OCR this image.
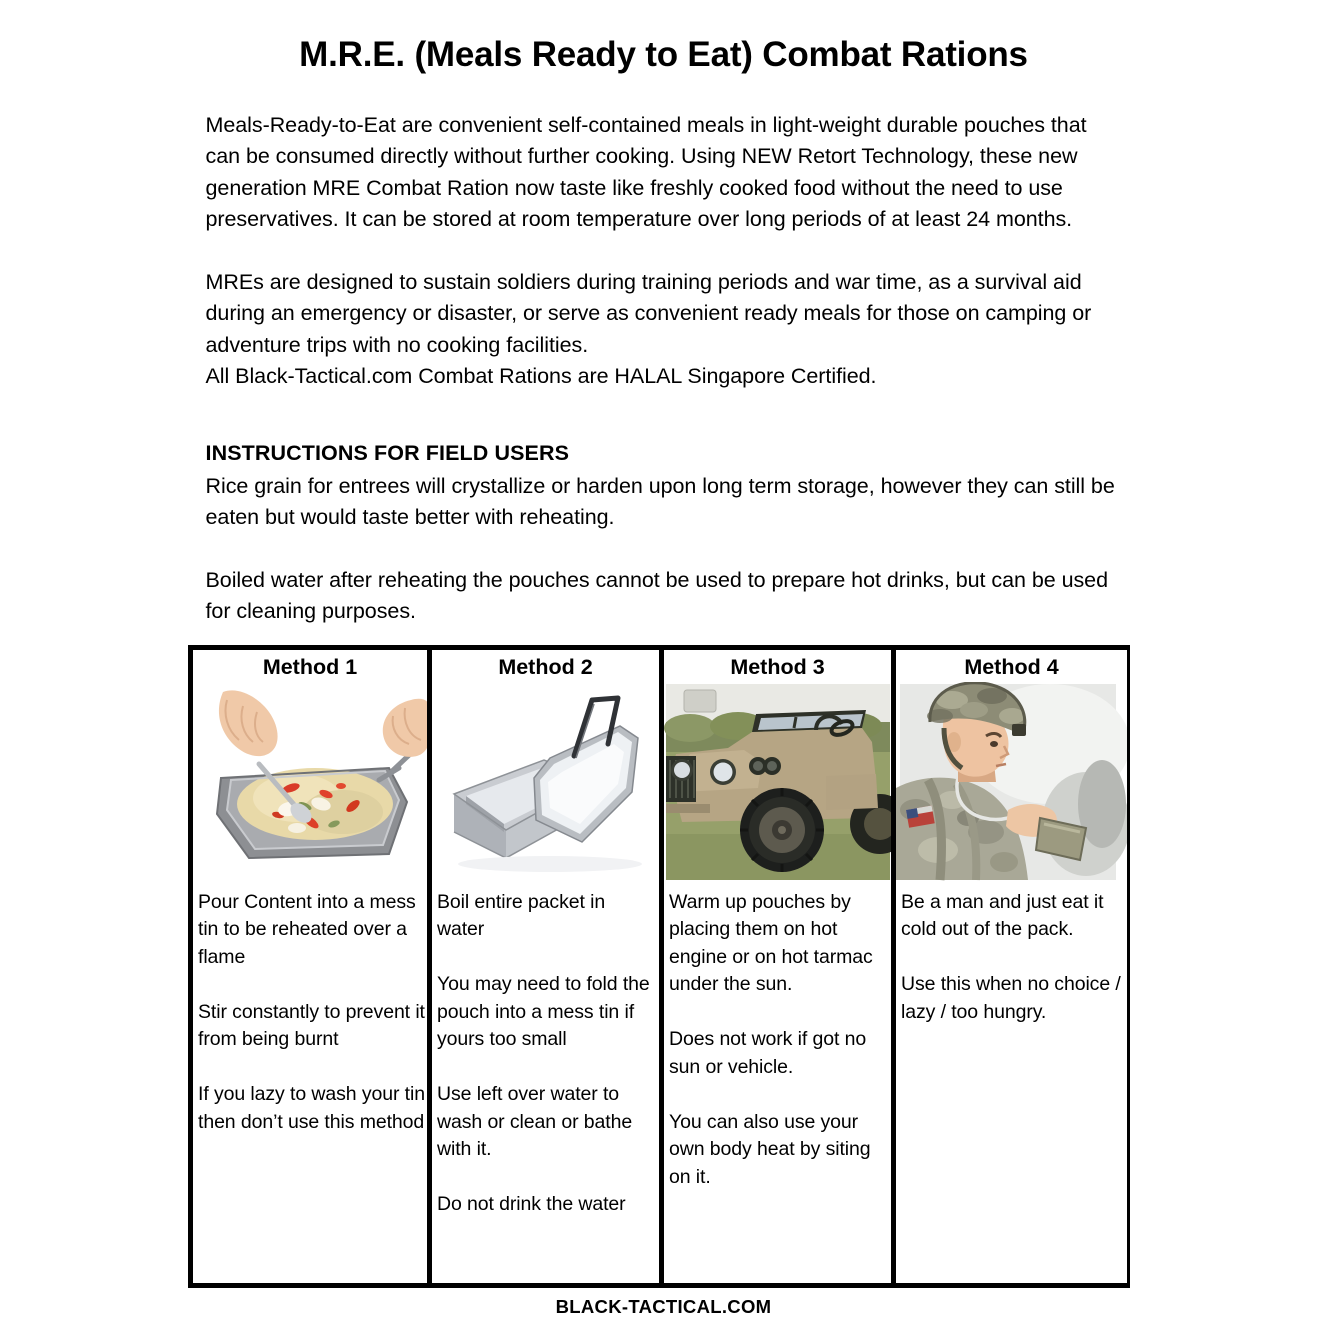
M.R.E. (Meals Ready to Eat) Combat Rations

Meals-Ready-to-Eat are convenient self-contained meals in light-weight durable pouches that can be consumed directly without further cooking. Using NEW Retort Technology, these new generation MRE Combat Ration now taste like freshly cooked food without the need to use preservatives. It can be stored at room temperature over long periods of at least 24 months.

MREs are designed to sustain soldiers during training periods and war time, as a survival aid during an emergency or disaster, or serve as convenient ready meals for those on camping or adventure trips with no cooking facilities.

All Black-Tactical.com Combat Rations are HALAL Singapore Certified.

INSTRUCTIONS FOR FIELD USERS

Rice grain for entrees will crystallize or harden upon long term storage, however they can still be eaten but would taste better with reheating.

Boiled water after reheating the pouches cannot be used to prepare hot drinks, but can be used for cleaning purposes.

Method 1

Pour Content into a mess tin to be reheated over a flame

Stir constantly to prevent it from being burnt

If you lazy to wash your tin then don’t use this method

Method 2

Boil entire packet in water

You may need to fold the pouch into a mess tin if yours too small

Use left over water to wash or clean or bathe with it.

Do not drink the water

Method 3

Warm up pouches by placing them on hot engine or on hot tarmac under the sun.

Does not work if got no sun or vehicle.

You can also use your own body heat by siting on it.

Method 4

Be a man and just eat it cold out of the pack.

Use this when no choice / lazy / too hungry.

BLACK-TACTICAL.COM
